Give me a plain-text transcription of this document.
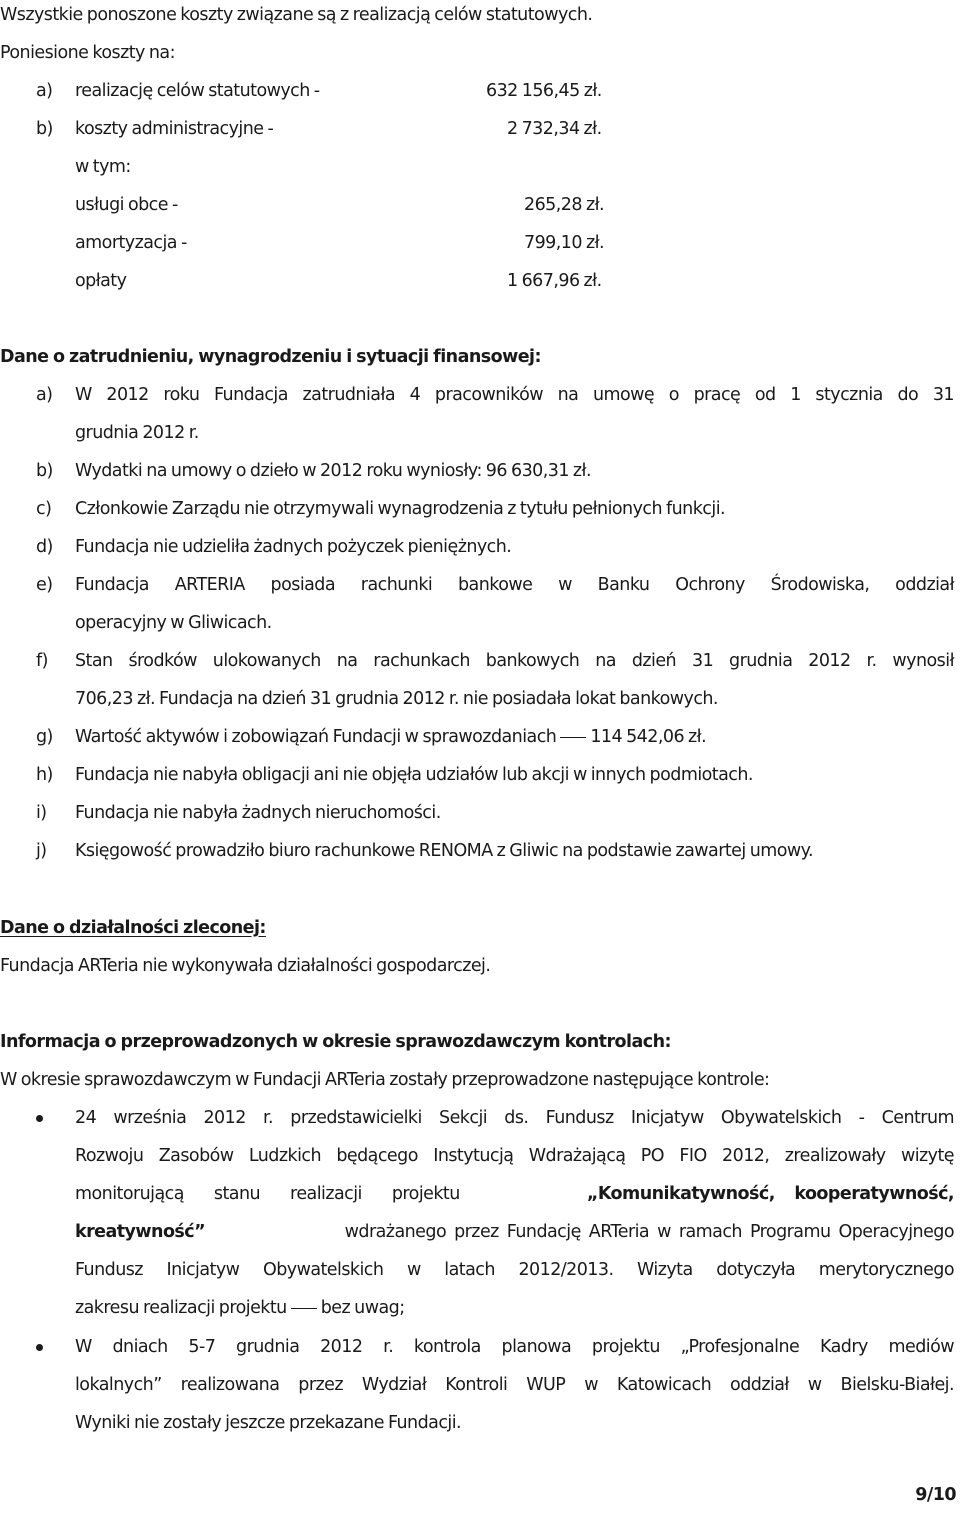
Wszystkie ponoszone koszty związane są z realizacją celów statutowych.
Poniesione koszty na:
a) realizację celów statutowych -	632 156,45 zł.
b) koszty administracyjne -	2 732,34 zł.
w tym:
usługi obce -	265,28 zł.
amortyzacja -	799,10 zł.
opłaty	1 667,96 zł.
Dane o zatrudnieniu, wynagrodzeniu i sytuacji finansowej:
a) W 2012 roku Fundacja zatrudniała 4 pracowników na umowę o pracę od 1 stycznia do 31
grudnia 2012 r.
b) Wydatki na umowy o dzieło w 2012 roku wyniosły: 96 630,31 zł.
c) Członkowie Zarządu nie otrzymywali wynagrodzenia z tytułu pełnionych funkcji.
d) Fundacja nie udzieliła żadnych pożyczek pieniężnych.
e) Fundacja ARTERIA posiada rachunki bankowe w Banku Ochrony Środowiska, oddział
operacyjny w Gliwicach.
f) Stan środków ulokowanych na rachunkach bankowych na dzień 31 grudnia 2012 r. wynosił
706,23 zł. Fundacja na dzień 31 grudnia 2012 r. nie posiadała lokat bankowych.
g) Wartość aktywów i zobowiązań Fundacji w sprawozdaniach 114 542,06 zł.
h) Fundacja nie nabyła obligacji ani nie objęła udziałów lub akcji w innych podmiotach.
i) Fundacja nie nabyła żadnych nieruchomości.
j) Księgowość prowadziło biuro rachunkowe RENOMA z Gliwic na podstawie zawartej umowy.
Dane o działalności zleconej:
Fundacja ARTeria nie wykonywała działalności gospodarczej.
Informacja o przeprowadzonych w okresie sprawozdawczym kontrolach:
W okresie sprawozdawczym w Fundacji ARTeria zostały przeprowadzone następujące kontrole:
24 września 2012 r. przedstawicielki Sekcji ds. Fundusz Inicjatyw Obywatelskich - Centrum
Rozwoju Zasobów Ludzkich będącego Instytucją Wdrażającą PO FIO 2012, zrealizowały wizytę
monitorującą stanu realizacji projektu	„Komunikatywność, kooperatywność,
kreatywność”	wdrażanego przez Fundację ARTeria w ramach Programu Operacyjnego
Fundusz Inicjatyw Obywatelskich w latach 2012/2013. Wizyta dotyczyła merytorycznego
zakresu realizacji projektu bez uwag;
W dniach 5-7 grudnia 2012 r. kontrola planowa projektu „Profesjonalne Kadry mediów
lokalnych” realizowana przez Wydział Kontroli WUP w Katowicach oddział w Bielsku-Białej.
Wyniki nie zostały jeszcze przekazane Fundacji.
9/10
